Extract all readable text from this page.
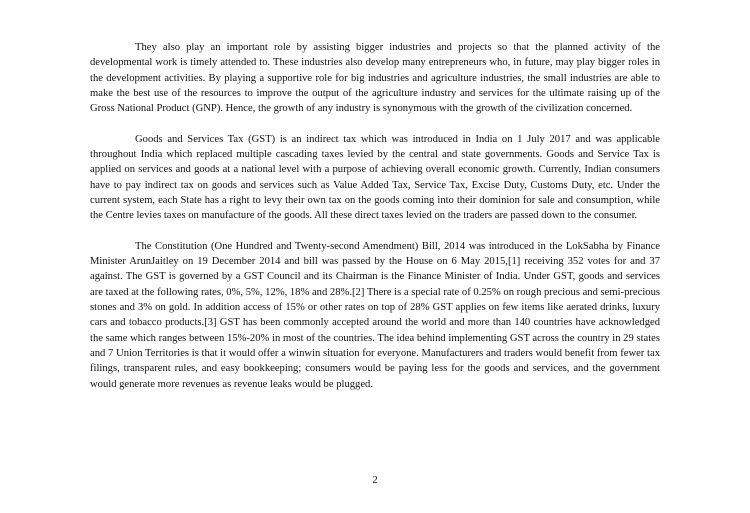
They also play an important role by assisting bigger industries and projects so that the planned activity of the developmental work is timely attended to. These industries also develop many entrepreneurs who, in future, may play bigger roles in the development activities. By playing a supportive role for big industries and agriculture industries, the small industries are able to make the best use of the resources to improve the output of the agriculture industry and services for the ultimate raising up of the Gross National Product (GNP). Hence, the growth of any industry is synonymous with the growth of the civilization concerned.

Goods and Services Tax (GST) is an indirect tax which was introduced in India on 1 July 2017 and was applicable throughout India which replaced multiple cascading taxes levied by the central and state governments. Goods and Service Tax is applied on services and goods at a national level with a purpose of achieving overall economic growth. Currently, Indian consumers have to pay indirect tax on goods and services such as Value Added Tax, Service Tax, Excise Duty, Customs Duty, etc. Under the current system, each State has a right to levy their own tax on the goods coming into their dominion for sale and consumption, while the Centre levies taxes on manufacture of the goods. All these direct taxes levied on the traders are passed down to the consumer.

The Constitution (One Hundred and Twenty-second Amendment) Bill, 2014 was introduced in the LokSabha by Finance Minister ArunJaitley on 19 December 2014 and bill was passed by the House on 6 May 2015,[1] receiving 352 votes for and 37 against. The GST is governed by a GST Council and its Chairman is the Finance Minister of India. Under GST, goods and services are taxed at the following rates, 0%, 5%, 12%, 18% and 28%.[2] There is a special rate of 0.25% on rough precious and semi-precious stones and 3% on gold. In addition access of 15% or other rates on top of 28% GST applies on few items like aerated drinks, luxury cars and tobacco products.[3] GST has been commonly accepted around the world and more than 140 countries have acknowledged the same which ranges between 15%-20% in most of the countries. The idea behind implementing GST across the country in 29 states and 7 Union Territories is that it would offer a winwin situation for everyone. Manufacturers and traders would benefit from fewer tax filings, transparent rules, and easy bookkeeping; consumers would be paying less for the goods and services, and the government would generate more revenues as revenue leaks would be plugged.

2
